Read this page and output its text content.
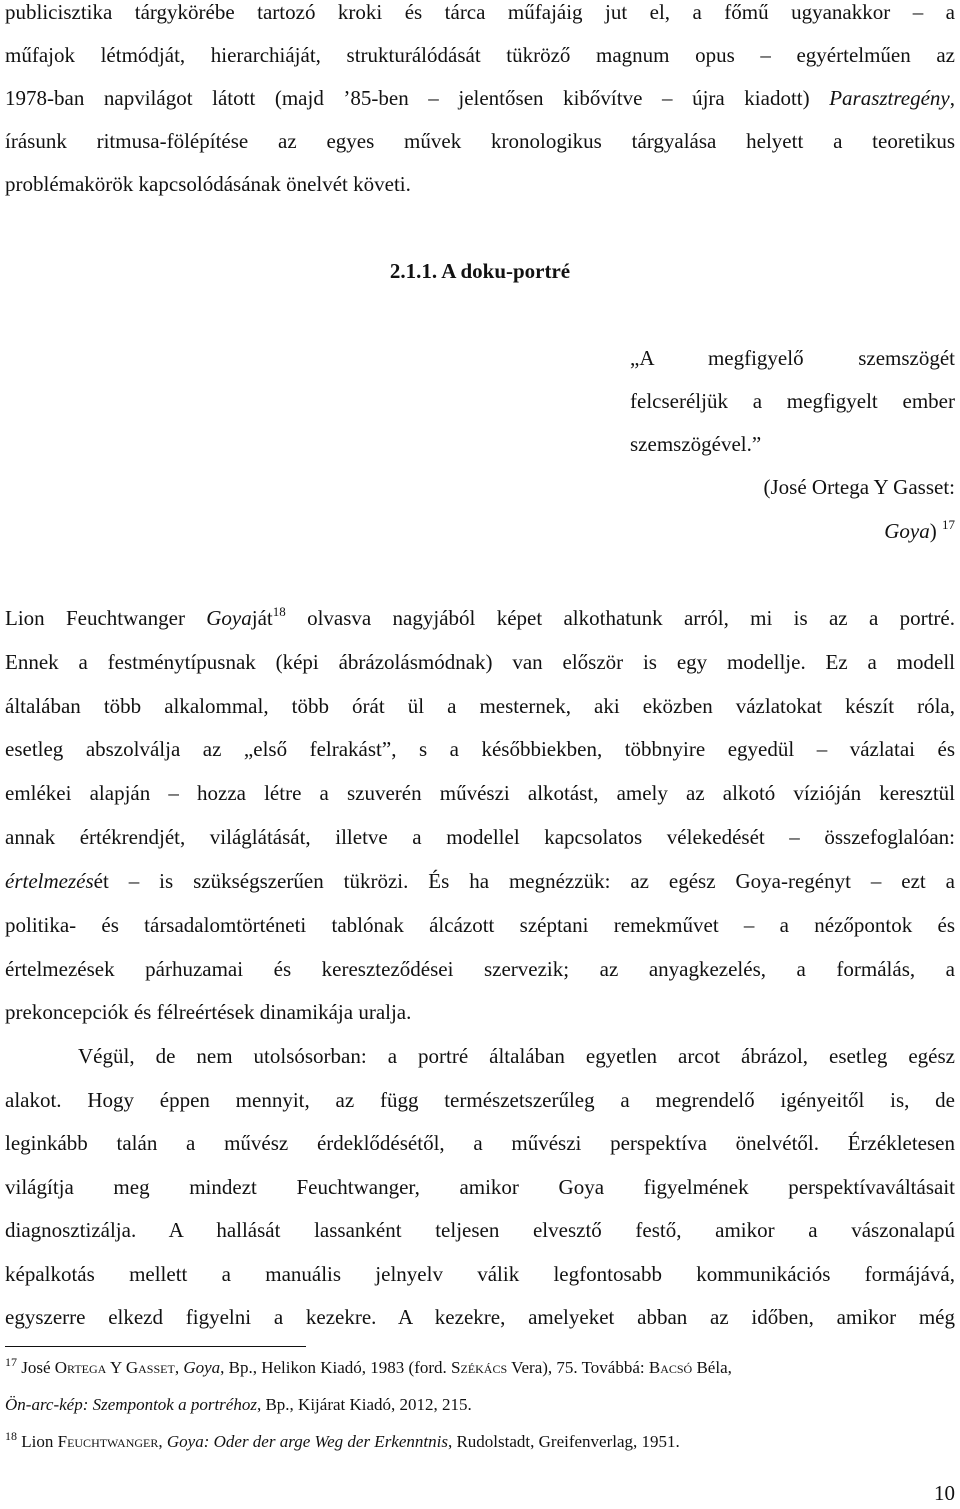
publicisztika tárgykörébe tartozó kroki és tárca műfajáig jut el, a főmű ugyanakkor – a
műfajok létmódját, hierarchiáját, strukturálódását tükröző magnum opus – egyértelműen az
1978-ban napvilágot látott (majd ’85-ben – jelentősen kibővítve – újra kiadott) Parasztregény,
írásunk ritmusa-fölépítése az egyes művek kronologikus tárgyalása helyett a teoretikus
problémakörök kapcsolódásának önelvét követi.
2.1.1. A doku-portré
„A megfigyelő szemszögét
felcseréljük a megfigyelt ember
szemszögével.”
(José Ortega Y Gasset:
Goya) $^{17}$
Lion Feuchtwanger Goyaját$^{18}$ olvasva nagyjából képet alkothatunk arról, mi is az a portré.
Ennek a festménytípusnak (képi ábrázolásmódnak) van először is egy modellje. Ez a modell
általában több alkalommal, több órát ül a mesternek, aki eközben vázlatokat készít róla,
esetleg abszolválja az „első felrakást”, s a későbbiekben, többnyire egyedül – vázlatai és
emlékei alapján – hozza létre a szuverén művészi alkotást, amely az alkotó vízióján keresztül
annak értékrendjét, világlátását, illetve a modellel kapcsolatos vélekedését – összefoglalóan:
értelmezését – is szükségszerűen tükrözi. És ha megnézzük: az egész Goya-regényt – ezt a
politika- és társadalomtörténeti tablónak álcázott széptani remekművet – a nézőpontok és
értelmezések párhuzamai és kereszteződései szervezik; az anyagkezelés, a formálás, a
prekoncepciók és félreértések dinamikája uralja.
Végül, de nem utolsósorban: a portré általában egyetlen arcot ábrázol, esetleg egész
alakot. Hogy éppen mennyit, az függ természetszerűleg a megrendelő igényeitől is, de
leginkább talán a művész érdeklődésétől, a művészi perspektíva önelvétől. Érzékletesen
világítja meg mindezt Feuchtwanger, amikor Goya figyelmének perspektívaváltásait
diagnosztizálja. A hallását lassanként teljesen elvesztő festő, amikor a vászonalapú
képalkotás mellett a manuális jelnyelv válik legfontosabb kommunikációs formájává,
egyszerre elkezd figyelni a kezekre. A kezekre, amelyeket abban az időben, amikor még
$^{17}$ José Ortega Y Gasset, Goya, Bp., Helikon Kiadó, 1983 (ford. Székács Vera), 75. Továbbá: Bacsó Béla,
Ön-arc-kép: Szempontok a portréhoz, Bp., Kijárat Kiadó, 2012, 215.
$^{18}$ Lion Feuchtwanger, Goya: Oder der arge Weg der Erkenntnis, Rudolstadt, Greifenverlag, 1951.
10
